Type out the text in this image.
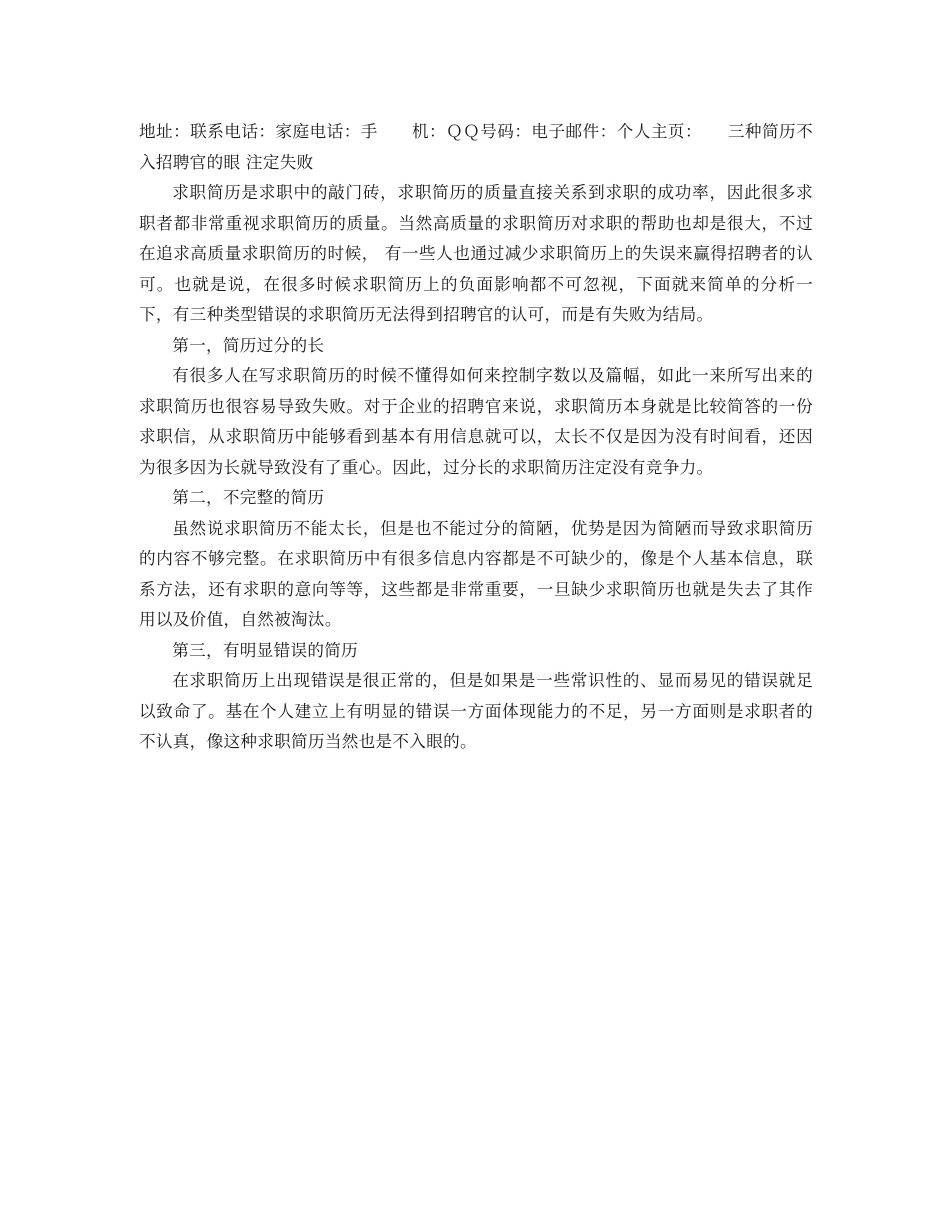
地址：联系电话：家庭电话：手　　机：ＱＱ号码：电子邮件：个人主页：　　三种简历不入招聘官的眼 注定失败

求职简历是求职中的敲门砖，求职简历的质量直接关系到求职的成功率，因此很多求职者都非常重视求职简历的质量。当然高质量的求职简历对求职的帮助也却是很大，不过在追求高质量求职简历的时候， 有一些人也通过减少求职简历上的失误来赢得招聘者的认可。也就是说，在很多时候求职简历上的负面影响都不可忽视，下面就来简单的分析一下，有三种类型错误的求职简历无法得到招聘官的认可，而是有失败为结局。

第一，简历过分的长

有很多人在写求职简历的时候不懂得如何来控制字数以及篇幅，如此一来所写出来的求职简历也很容易导致失败。对于企业的招聘官来说，求职简历本身就是比较简答的一份求职信，从求职简历中能够看到基本有用信息就可以，太长不仅是因为没有时间看，还因为很多因为长就导致没有了重心。因此，过分长的求职简历注定没有竞争力。

第二，不完整的简历

虽然说求职简历不能太长，但是也不能过分的简陋，优势是因为简陋而导致求职简历的内容不够完整。在求职简历中有很多信息内容都是不可缺少的，像是个人基本信息，联系方法，还有求职的意向等等，这些都是非常重要，一旦缺少求职简历也就是失去了其作用以及价值，自然被淘汰。

第三，有明显错误的简历

在求职简历上出现错误是很正常的，但是如果是一些常识性的、显而易见的错误就足以致命了。基在个人建立上有明显的错误一方面体现能力的不足，另一方面则是求职者的不认真，像这种求职简历当然也是不入眼的。
